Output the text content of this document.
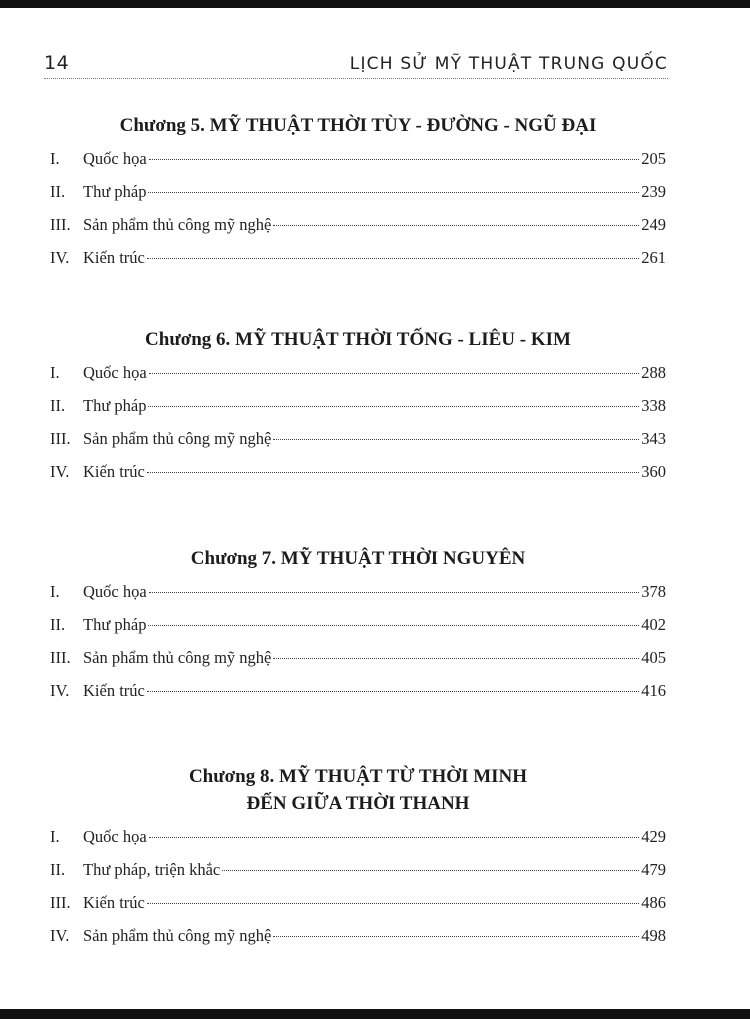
14	LỊCH SỬ MỸ THUẬT TRUNG QUỐC
Chương 5. MỸ THUẬT THỜI TÙY - ĐƯỜNG - NGŨ ĐẠI
I.	Quốc họa	205
II.	Thư pháp	239
III. Sản phẩm thủ công mỹ nghệ	249
IV. Kiến trúc	261
Chương 6. MỸ THUẬT THỜI TỐNG - LIÊU - KIM
I.	Quốc họa	288
II.	Thư pháp	338
III. Sản phẩm thủ công mỹ nghệ	343
IV. Kiến trúc	360
Chương 7. MỸ THUẬT THỜI NGUYÊN
I.	Quốc họa	378
II.	Thư pháp	402
III. Sản phẩm thủ công mỹ nghệ	405
IV. Kiến trúc	416
Chương 8. MỸ THUẬT TỪ THỜI MINH
ĐẾN GIỮA THỜI THANH
I.	Quốc họa	429
II.	Thư pháp, triện khắc	479
III. Kiến trúc	486
IV. Sản phẩm thủ công mỹ nghệ	498
